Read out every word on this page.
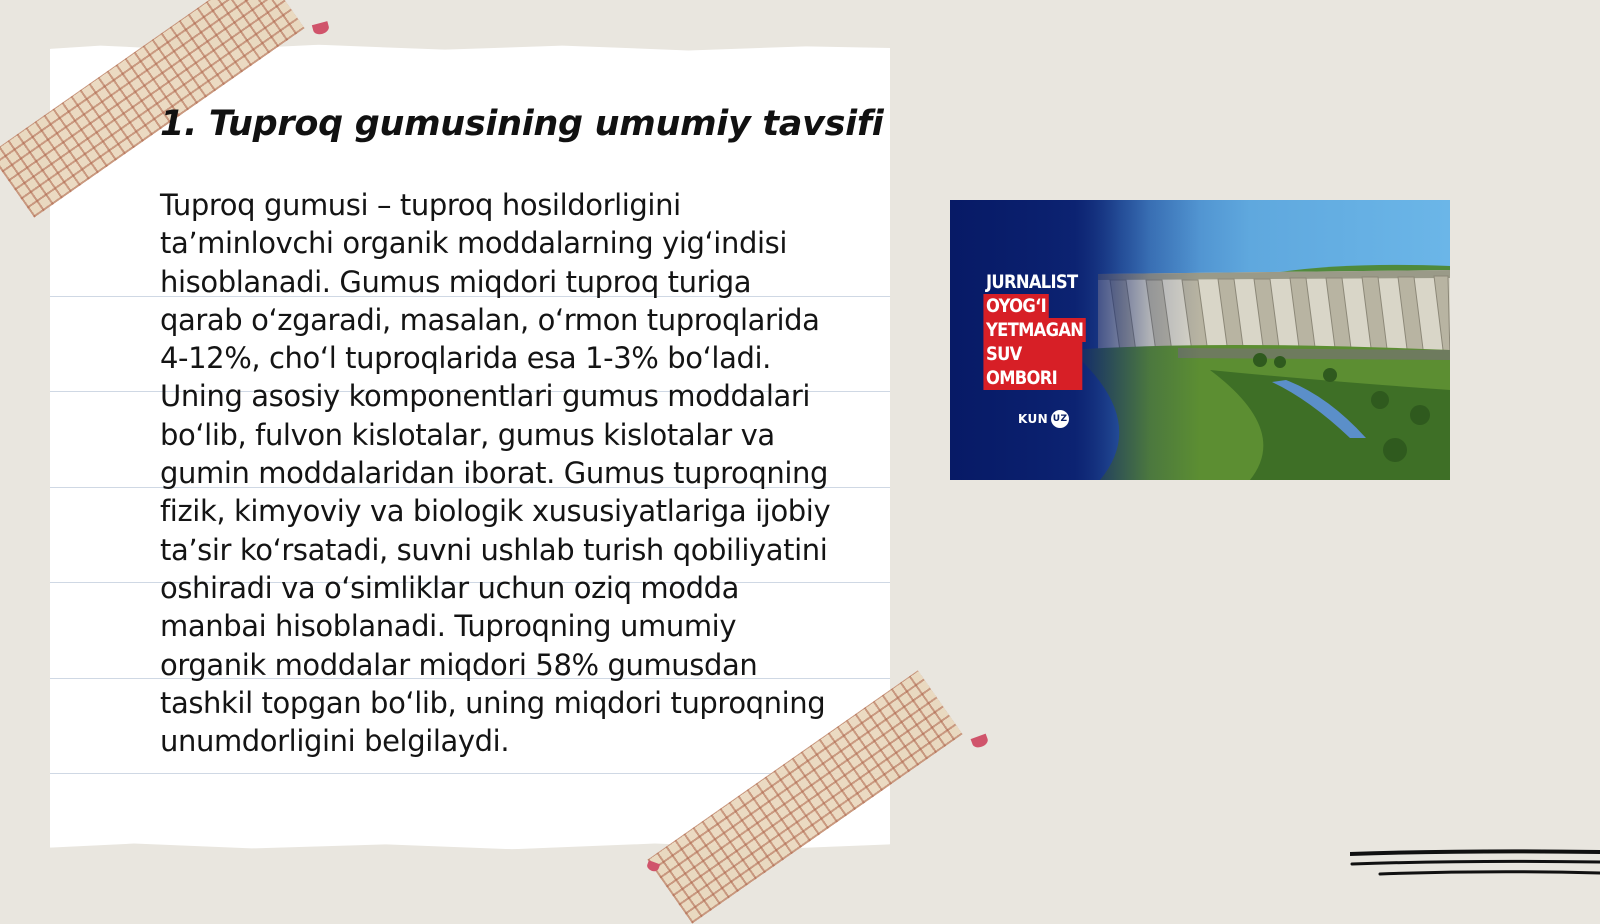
1. Tuproq gumusining umumiy tavsifi

Tuproq gumusi – tuproq hosildorligini ta’minlovchi organik moddalarning yig‘indisi hisoblanadi. Gumus miqdori tuproq turiga qarab o‘zgaradi, masalan, o‘rmon tuproqlarida 4-12%, cho‘l tuproqlarida esa 1-3% bo‘ladi. Uning asosiy komponentlari gumus moddalari bo‘lib, fulvon kislotalar, gumus kislotalar va gumin moddalaridan iborat. Gumus tuproqning fizik, kimyoviy va biologik xususiyatlariga ijobiy ta’sir ko‘rsatadi, suvni ushlab turish qobiliyatini oshiradi va o‘simliklar uchun oziq modda manbai hisoblanadi. Tuproqning umumiy organik moddalar miqdori 58% gumusdan tashkil topgan bo‘lib, uning miqdori tuproqning unumdorligini belgilaydi.

JURNALIST
OYOG‘I
YETMAGAN
SUV OMBORI
KUN UZ
